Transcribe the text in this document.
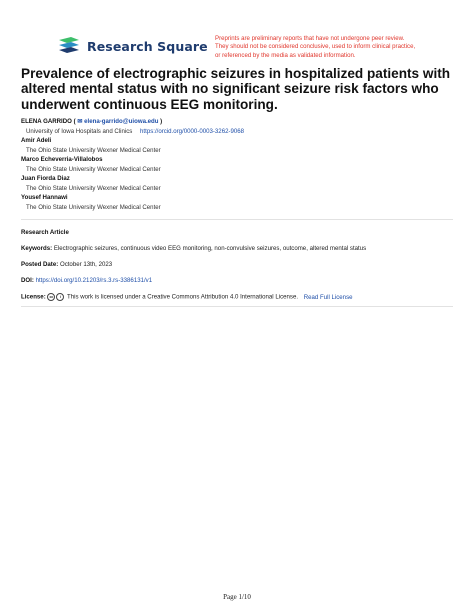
Research Square Preprints are preliminary reports that have not undergone peer review.
They should not be considered conclusive, used to inform clinical practice,
or referenced by the media as validated information.
Prevalence of electrographic seizures in hospitalized patients with altered mental status with no significant seizure risk factors who underwent continuous EEG monitoring.
ELENA GARRIDO ( ✉ elena-garrido@uiowa.edu )
University of Iowa Hospitals and Clinics https://orcid.org/0000-0003-3262-9068
Amir Adeli
The Ohio State University Wexner Medical Center
Marco Echeverria-Villalobos
The Ohio State University Wexner Medical Center
Juan Fiorda Diaz
The Ohio State University Wexner Medical Center
Yousef Hannawi
The Ohio State University Wexner Medical Center
Research Article
Keywords: Electrographic seizures, continuous video EEG monitoring, non-convulsive seizures, outcome, altered mental status
Posted Date: October 13th, 2023
DOI: https://doi.org/10.21203/rs.3.rs-3386131/v1
License: cc i This work is licensed under a Creative Commons Attribution 4.0 International License. Read Full License
Page 1/10
